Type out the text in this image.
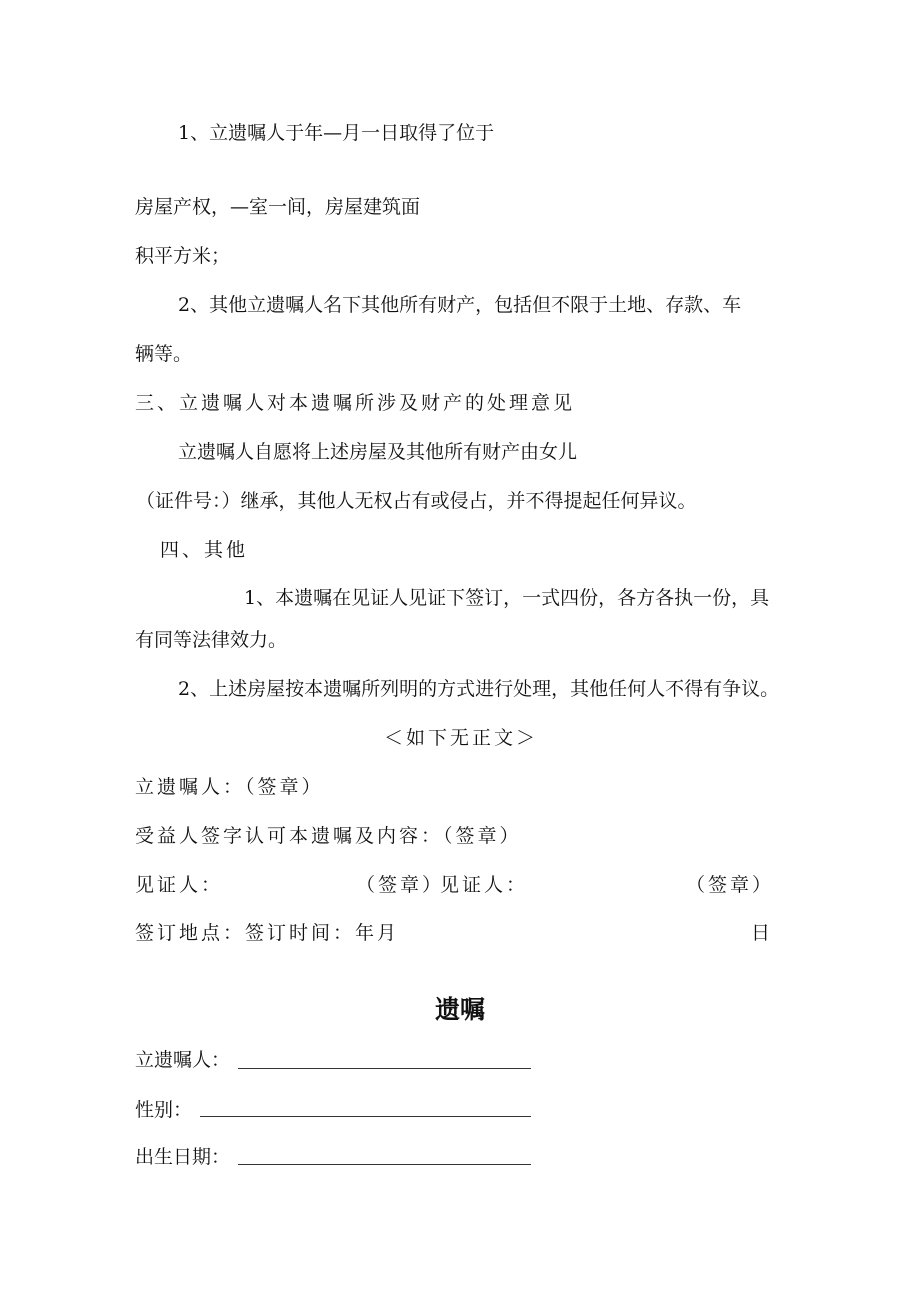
1、立遗嘱人于年—月一日取得了位于
房屋产权，—室一间，房屋建筑面
积平方米；
2、其他立遗嘱人名下其他所有财产，包括但不限于土地、存款、车
辆等。
三、立遗嘱人对本遗嘱所涉及财产的处理意见
立遗嘱人自愿将上述房屋及其他所有财产由女儿
（证件号：）继承，其他人无权占有或侵占，并不得提起任何异议。
四、其他
1、本遗嘱在见证人见证下签订，一式四份，各方各执一份，具
有同等法律效力。
2、上述房屋按本遗嘱所列明的方式进行处理，其他任何人不得有争议。
＜如下无正文＞
立遗嘱人：（签章）
受益人签字认可本遗嘱及内容：（签章）
见证人：	（签章）
见证人：	（签章）
签订地点：签订时间：年月	日
遗嘱
立遗嘱人：
性别：
出生日期：
